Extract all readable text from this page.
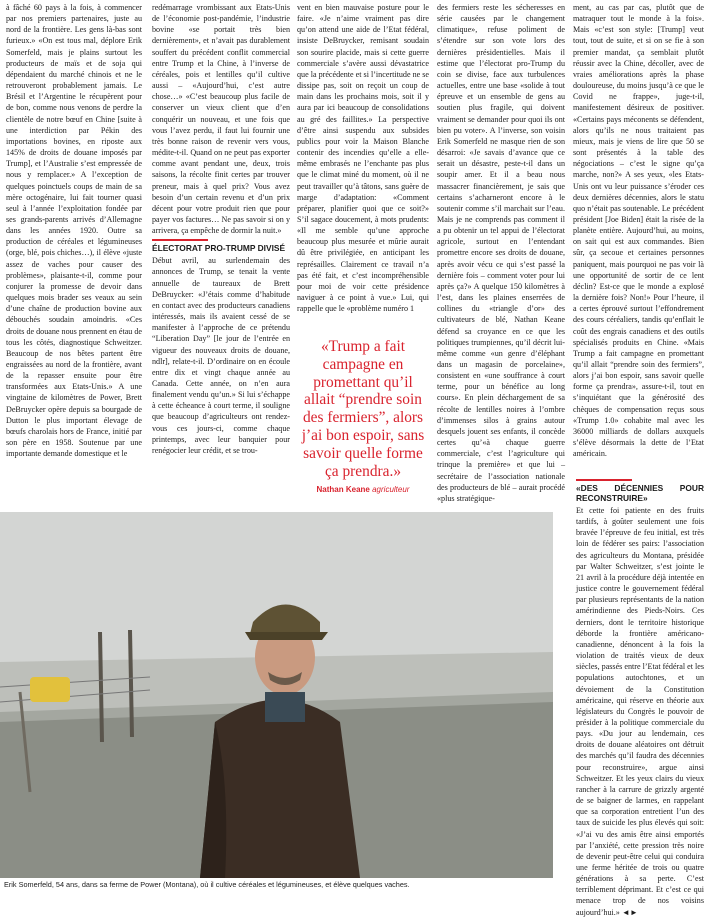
à fâché 60 pays à la fois, à commencer par nos premiers partenaires, juste au nord de la frontière. Les gens là-bas sont furieux.» «On est tous mal, déplore Erik Somerfeld, mais je plains surtout les producteurs de maïs et de soja qui dépendaient du marché chinois et ne le retrouveront probablement jamais. Le Brésil et l’Argentine le récupèrent pour de bon, comme nous venons de perdre la clientèle de notre bœuf en Chine [suite à une interdiction par Pékin des importations bovines, en riposte aux 145% de droits de douane imposés par Trump], et l’Australie s’est empressée de nous y remplacer.» A l’exception de quelques poinctuels coups de main de sa mère octogénaire, lui fait tourner quasi seul à l’année l’exploitation fondée par ses grands-parents arrivés d’Allemagne dans les années 1920. Outre sa production de céréales et légumineuses (orge, blé, pois chiches…), il élève «juste assez de vaches pour causer des problèmes», plaisante-t-il, comme pour conjurer la promesse de devoir dans quelques mois brader ses veaux au sein d’une chaîne de production bovine aux débouchés soudain amoindris. «Ces droits de douane nous prennent en étau de tous les côtés, diagnostique Schweitzer. Beaucoup de nos bêtes partent être engraissées au nord de la frontière, avant de la repasser ensuite pour être transformées aux Etats-Unis.» A une vingtaine de kilomètres de Power, Brett DeBruycker opère depuis sa bourgade de Dutton le plus important élevage de bœufs charolais hors de France, initié par son père en 1958. Soutenue par une importante demande domestique et le

redémarrage vrombissant aux Etats-Unis de l’économie post-pandémie, l’industrie bovine «se portait très bien dernièrement», et n’avait pas durablement souffert du précédent conflit commercial entre Trump et la Chine, à l’inverse de céréales, pois et lentilles qu’il cultive aussi – «Aujourd’hui, c’est autre chose…» «C’est beaucoup plus facile de conserver un vieux client que d’en conquérir un nouveau, et une fois que vous l’avez perdu, il faut lui fournir une très bonne raison de revenir vers vous, médite-t-il. Quand on ne peut pas exporter comme avant pendant une, deux, trois saisons, la récolte finit certes par trouver preneur, mais à quel prix? Vous avez besoin d’un certain revenu et d’un prix décent pour votre produit rien que pour payer vos factures… Ne pas savoir si on y arrivera, ça empêche de dormir la nuit.»

ÉLECTORAT PRO-TRUMP DIVISÉ

Début avril, au surlendemain des annonces de Trump, se tenait la vente annuelle de taureaux de Brett DeBruycker: «J’étais comme d’habitude en contact avec des producteurs canadiens intéressés, mais ils avaient cessé de se manifester à l’approche de ce prétendu “Liberation Day” [le jour de l’entrée en vigueur des nouveaux droits de douane, ndlr], relate-t-il. D’ordinaire on en écoule entre dix et vingt chaque année au Canada. Cette année, on n’en aura finalement vendu qu’un.» Si lui s’échappe à cette écheance à court terme, il souligne que beaucoup d’agriculteurs ont rendez-vous ces jours-ci, comme chaque printemps, avec leur banquier pour renégocier leur crédit, et se trou-

vent en bien mauvaise posture pour le faire. «Je n’aime vraiment pas dire qu’on attend une aide de l’Etat fédéral, insiste DeBruycker, remisant soudain son sourire placide, mais si cette guerre commerciale s’avère aussi dévastatrice que la précédente et si l’incertitude ne se dissipe pas, soit on reçoit un coup de main dans les prochains mois, soit il y aura par ici beaucoup de consolidations au gré des faillites.» La perspective d’être ainsi suspendu aux subsides publics pour voir la Maison Blanche contenir des incendies qu’elle a elle-même embrasés ne l’enchante pas plus que le climat miné du moment, où il ne peut travailler qu’à tâtons, sans guère de marge d’adaptation: «Comment préparer, planifier quoi que ce soit?» S’il sagace doucement, à mots prudents: «Il me semble qu’une approche beaucoup plus mesurée et mûrie aurait dû être privilégiée, en anticipant les représailles. Clairement ce travail n’a pas été fait, et c’est incompréhensible pour moi de voir cette présidence naviguer à ce point à vue.» Lui, qui rappelle que le «problème numéro 1

«Trump a fait campagne en promettant qu’il allait “prendre soin des fermiers”, alors j’ai bon espoir, sans savoir quelle forme ça prendra.»
Nathan Keane agriculteur

des fermiers reste les sécheresses en série causées par le changement climatique», refuse poliment de s’étendre sur son vote lors des dernières présidentielles. Mais il estime que l’électorat pro-Trump du coin se divise, face aux turbulences actuelles, entre une base «solide à tout épreuve et un ensemble de gens au soutien plus fragile, qui doivent vraiment se demander pour quoi ils ont bien pu voter». A l’inverse, son voisin Erik Somerfeld ne masque rien de son désarroi: «Je savais d’avance que ce serait un désastre, peste-t-il dans un soupir amer. Et il a beau nous massacrer financièrement, je sais que certains s’acharneront encore à le soutenir comme s’il marchait sur l’eau. Mais je ne comprends pas comment il a pu obtenir un tel appui de l’électorat agricole, surtout en l’entendant promettre encore ses droits de douane, après avoir vécu ce qui s’est passé la dernière fois – comment voter pour lui après ça?» A quelque 150 kilomètres à l’est, dans les plaines enserrées de collines du «triangle d’or» des cultivateurs de blé, Nathan Keane défend sa croyance en ce que les politiques trumpiennes, qu’il décrit lui-même comme «un genre d’éléphant dans un magasin de porcelaine», consistent en «une souffrance à court terme, pour un bénéfice au long cours». En plein déchargement de sa récolte de lentilles noires à l’ombre d’immenses silos à grains autour desquels jouent ses enfants, il concède certes qu’«à chaque guerre commerciale, c’est l’agriculture qui trinque la première» et que lui – secrétaire de l’association nationale des producteurs de blé – aurait procédé «plus stratégique-

ment, au cas par cas, plutôt que de matraquer tout le monde à la fois». Mais «c’est son style: [Trump] veut tout, tout de suite, et si on se fie à son premier mandat, ça semblait plutôt réussir avec la Chine, décoller, avec de vraies améliorations après la phase douloureuse, du moins jusqu’à ce que le Covid ne frappe», juge-t-il, manifestement désireux de positiver. «Certains pays méconents se défendent, alors qu’ils ne nous traitaient pas mieux, mais je viens de lire que 50 se sont présentés à la table des négociations – c’est le signe qu’ça marche, non?» A ses yeux, «les Etats-Unis ont vu leur puissance s’éroder ces deux dernières décennies, alors le statu quo n’était pas soutenable. Le précédent président [Joe Biden] était la risée de la planète entière. Aujourd’hui, au moins, on sait qui est aux commandes. Bien sûr, ça secoue et certaines personnes paniquent, mais pourquoi ne pas voir là une opportunité de sortir de ce lent déclin? Est-ce que le monde a explosé la dernière fois? Non!» Pour l’heure, il a certes éprouvé surtout l’effondrement des cours céréaliers, tandis qu’enflait le coût des engrais canadiens et des outils spécialisés produits en Chine. «Mais Trump a fait campagne en promettant qu’il allait “prendre soin des fermiers”, alors j’ai bon espoir, sans savoir quelle forme ça prendra», assure-t-il, tout en s’inquiétant que la générosité des chèques de compensation reçus sous «Trump 1.0» cohabite mal avec les 36000 milliards de dollars auxquels s’élève désormais la dette de l’Etat américain.

«DES DÉCENNIES POUR RECONSTRUIRE»

Et cette foi patiente en des fruits tardifs, à goûter seulement une fois bravée l’épreuve de feu initial, est très loin de fédérer ses pairs: l’association des agriculteurs du Montana, présidée par Walter Schweitzer, s’est jointe le 21 avril à la procédure déjà intentée en justice contre le gouvernement fédéral par plusieurs représentants de la nation amérindienne des Pieds-Noirs. Ces derniers, dont le territoire historique déborde la frontière américano-canadienne, dénoncent à la fois la violation de traités vieux de deux siècles, passés entre l’Etat fédéral et les populations autochtones, et un dévoiement de la Constitution américaine, qui réserve en théorie aux législateurs du Congrès le pouvoir de présider à la politique commerciale du pays. «Du jour au lendemain, ces droits de douane aléatoires ont détruit des marchés qu’il faudra des décennies pour reconstruire», argue ainsi Schweitzer. Et les yeux clairs du vieux rancher à la carrure de grizzly argenté de se baigner de larmes, en rappelant que sa corporation entretient l’un des taux de suicide les plus élevés qui soit: «J’ai vu des amis être ainsi emportés par l’anxiété, cette pression très noire de devenir peut-être celui qui conduira une ferme héritée de trois ou quatre générations à sa perte. C’est terriblement déprimant. Et c’est ce qui menace trop de nos voisins aujourd’hui.» ◄►

Erik Somerfeld, 54 ans, dans sa ferme de Power (Montana), où il cultive céréales et légumineuses, et élève quelques vaches.
